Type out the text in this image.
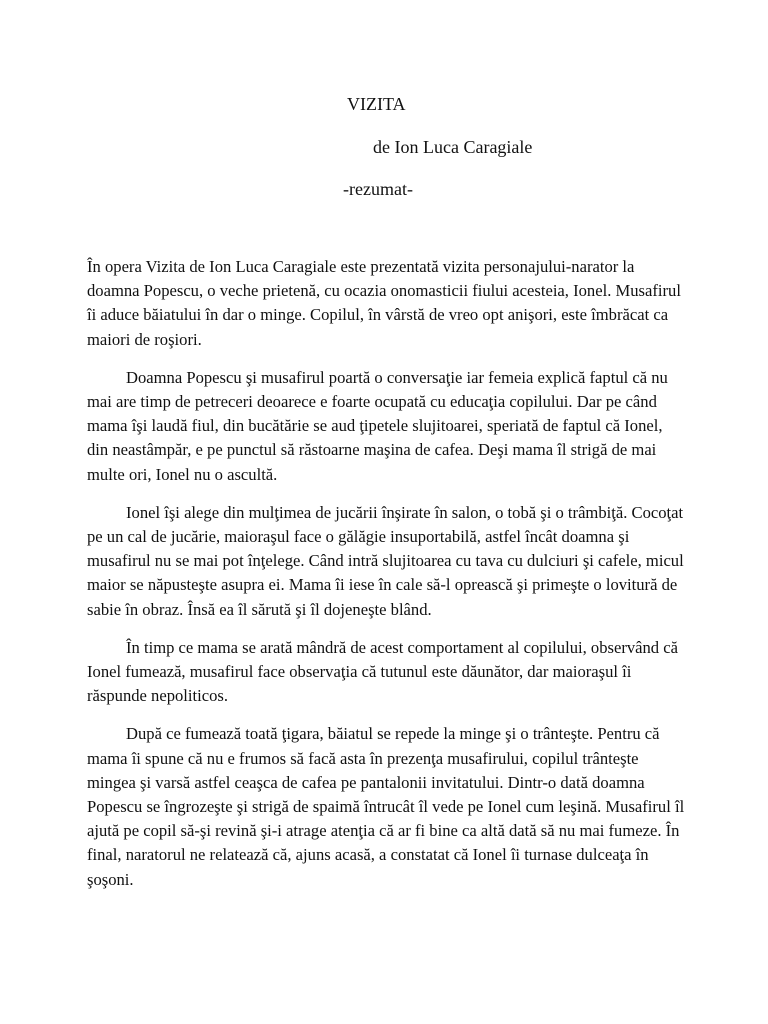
VIZITA

de Ion Luca Caragiale

-rezumat-

În opera Vizita de Ion Luca Caragiale este prezentată vizita personajului-narator la doamna Popescu, o veche prietenă, cu ocazia onomasticii fiului acesteia, Ionel. Musafirul îi aduce băiatului în dar o minge. Copilul, în vârstă de vreo opt anişori, este îmbrăcat ca maiori de roşiori.

Doamna Popescu şi musafirul poartă o conversaţie iar femeia explică faptul că nu mai are timp de petreceri deoarece e foarte ocupată cu educaţia copilului. Dar pe când mama îşi laudă fiul, din bucătărie se aud ţipetele slujitoarei, speriată de faptul că Ionel, din neastâmpăr, e pe punctul să răstoarne maşina de cafea. Deşi mama îl strigă de mai multe ori, Ionel nu o ascultă.

Ionel îşi alege din mulţimea de jucării înşirate în salon, o tobă şi o trâmbiţă. Cocoţat pe un cal de jucărie, maioraşul face o gălăgie insuportabilă, astfel încât doamna şi musafirul nu se mai pot înţelege. Când intră slujitoarea cu tava cu dulciuri şi cafele, micul maior se năpusteşte asupra ei. Mama îi iese în cale să-l oprească şi primeşte o lovitură de sabie în obraz. Însă ea îl sărută şi îl dojeneşte blând.

În timp ce mama se arată mândră de acest comportament al copilului, observând că Ionel fumează, musafirul face observaţia că tutunul este dăunător, dar maioraşul îi răspunde nepoliticos.

După ce fumează toată ţigara, băiatul se repede la minge şi o trânteşte. Pentru că mama îi spune că nu e frumos să facă asta în prezenţa musafirului, copilul trânteşte mingea şi varsă astfel ceaşca de cafea pe pantalonii invitatului. Dintr-o dată doamna Popescu se îngrozeşte şi strigă de spaimă întrucât îl vede pe Ionel cum leşină. Musafirul îl ajută pe copil să-şi revină şi-i atrage atenţia că ar fi bine ca altă dată să nu mai fumeze. În final, naratorul ne relatează că, ajuns acasă, a constatat că Ionel îi turnase dulceaţa în şoşoni.
